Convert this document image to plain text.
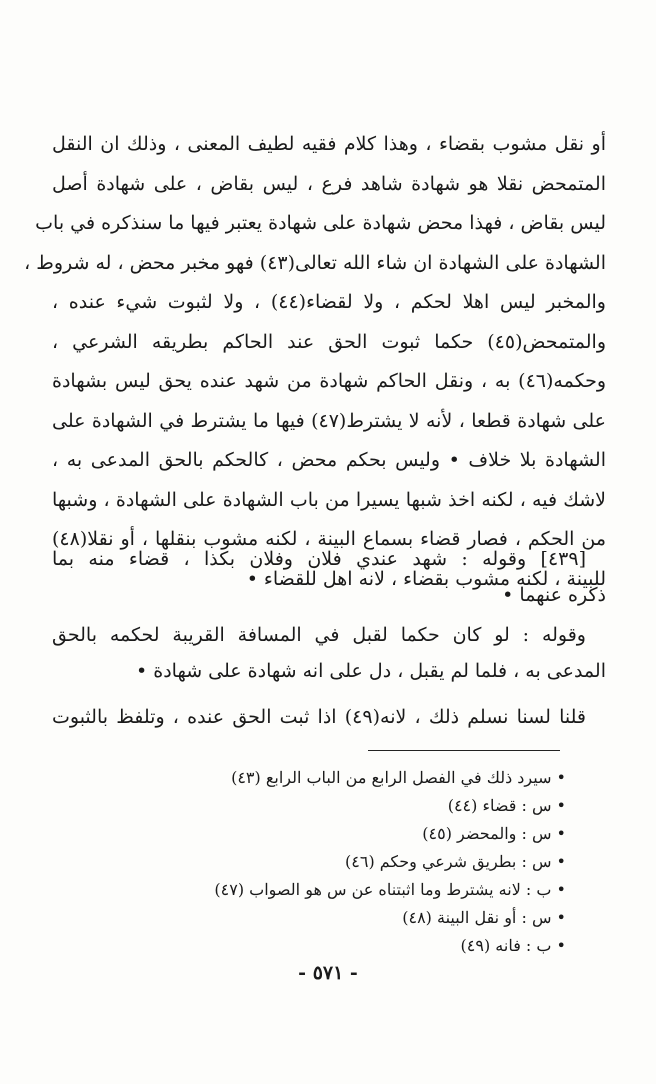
أو نقل مشوب بقضاء ، وهذا كلام فقيه لطيف المعنى ، وذلك ان النقل
المتمحض نقلا هو شهادة شاهد فرع ، ليس بقاض ، على شهادة أصل
ليس بقاض ، فهذا محض شهادة على شهادة يعتبر فيها ما سنذكره في باب
الشهادة على الشهادة ان شاء الله تعالى(٤٣) فهو مخبر محض ، له شروط ،
والمخبر ليس اهلا لحكم ، ولا لقضاء(٤٤) ، ولا لثبوت شيء عنده ،
والمتمحض(٤٥) حكما ثبوت الحق عند الحاكم بطريقه الشرعي ،
وحكمه(٤٦) به ، ونقل الحاكم شهادة من شهد عنده يحق ليس بشهادة
على شهادة قطعا ، لأنه لا يشترط(٤٧) فيها ما يشترط في الشهادة على
الشهادة بلا خلاف • وليس بحكم محض ، كالحكم بالحق المدعى به ،
لاشك فيه ، لكنه اخذ شبها يسيرا من باب الشهادة على الشهادة ، وشبها
من الحكم ، فصار قضاء بسماع البينة ، لكنه مشوب بنقلها ، أو نقلا(٤٨)
للبينة ، لكنه مشوب بقضاء ، لانه اهل للقضاء •
[٤٣٩] وقوله : شهد عندي فلان وفلان بكذا ، قضاء منه بما
ذكره عنهما •
وقوله : لو كان حكما لقبل في المسافة القريبة لحكمه بالحق
المدعى به ، فلما لم يقبل ، دل على انه شهادة على شهادة •
قلنا لسنا نسلم ذلك ، لانه(٤٩) اذا ثبت الحق عنده ، وتلفظ بالثبوت
(٤٣) سيرد ذلك في الفصل الرابع من الباب الرابع •
(٤٤) س : قضاء •
(٤٥) س : والمحضر •
(٤٦) س : بطريق شرعي وحكم •
(٤٧) ب : لانه يشترط وما اثبتناه عن س هو الصواب •
(٤٨) س : أو نقل البينة •
(٤٩) ب : فانه •
- ٥٧١ -
